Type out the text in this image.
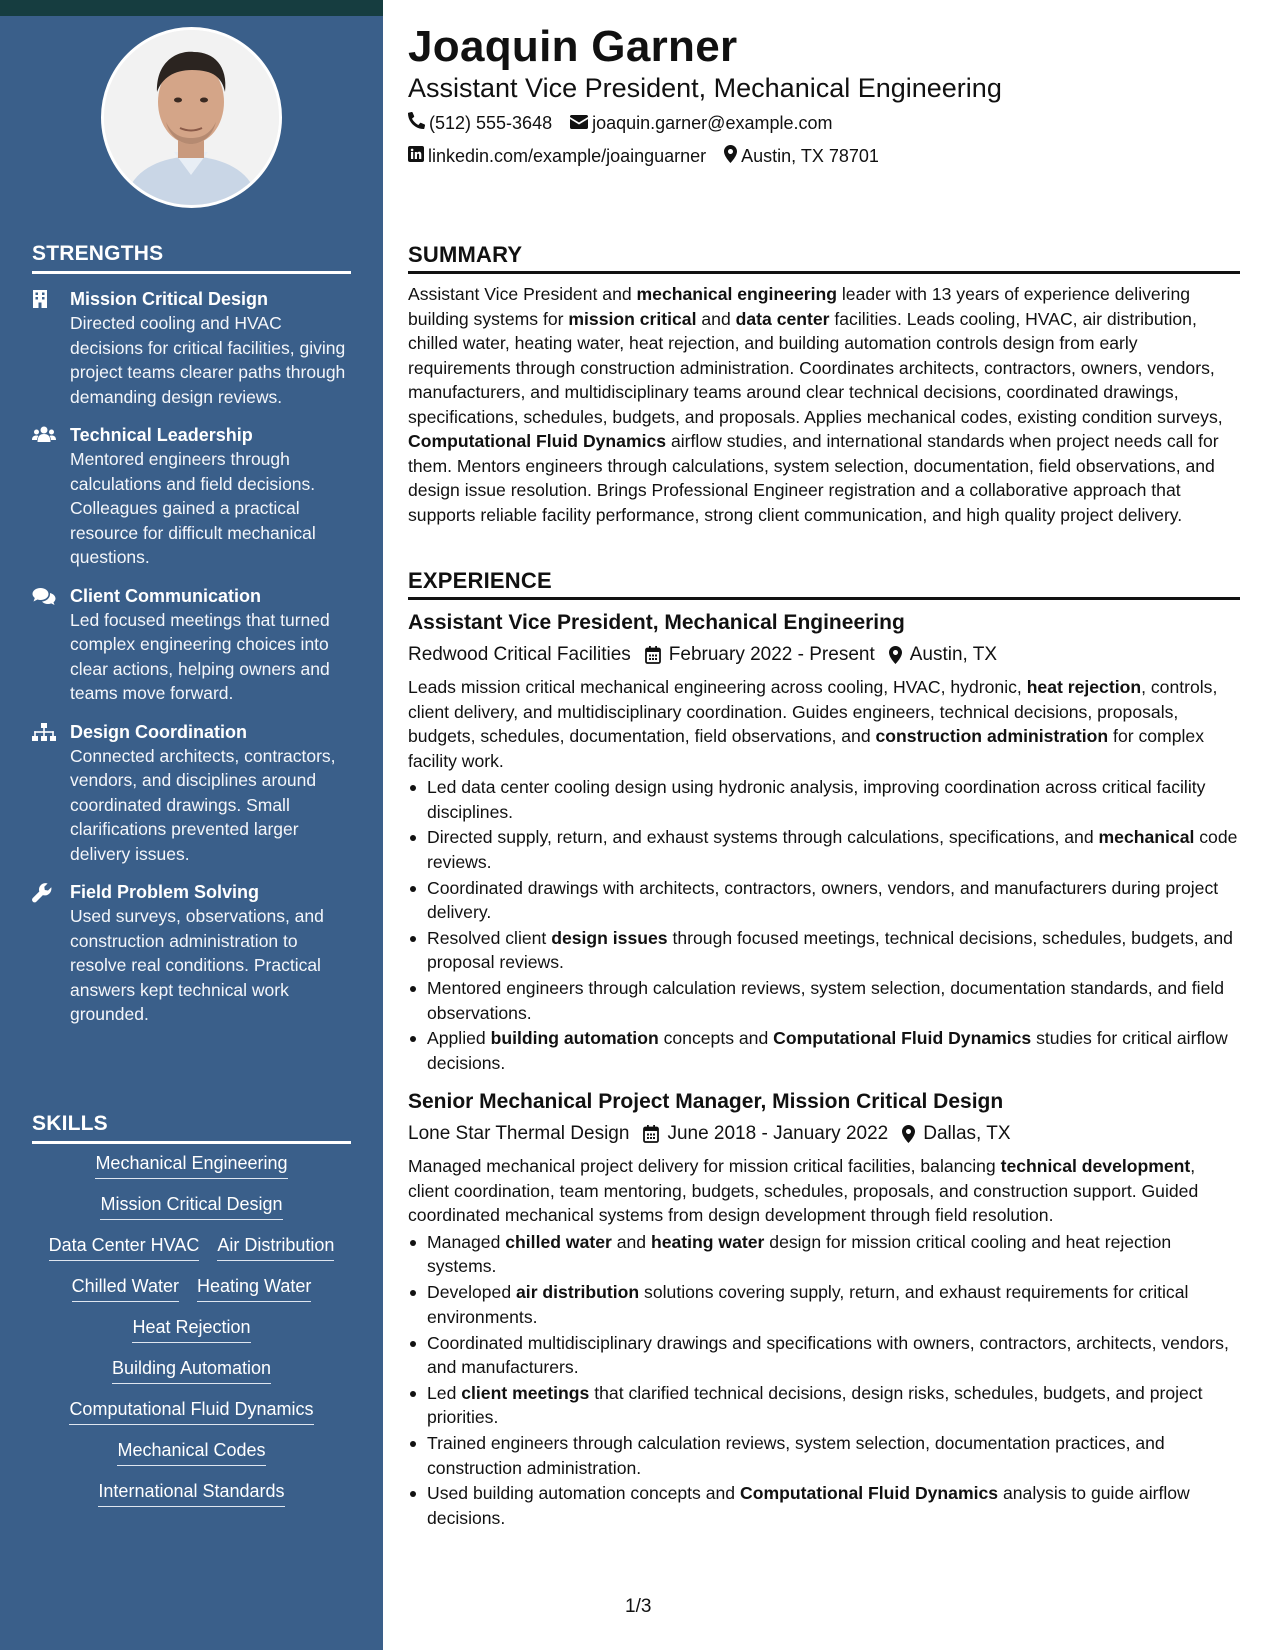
STRENGTHS
Mission Critical Design
Directed cooling and HVAC decisions for critical facilities, giving project teams clearer paths through demanding design reviews.
Technical Leadership
Mentored engineers through calculations and field decisions. Colleagues gained a practical resource for difficult mechanical questions.
Client Communication
Led focused meetings that turned complex engineering choices into clear actions, helping owners and teams move forward.
Design Coordination
Connected architects, contractors, vendors, and disciplines around coordinated drawings. Small clarifications prevented larger delivery issues.
Field Problem Solving
Used surveys, observations, and construction administration to resolve real conditions. Practical answers kept technical work grounded.
SKILLS
Mechanical Engineering
Mission Critical Design
Data Center HVAC Air Distribution
Chilled Water Heating Water
Heat Rejection
Building Automation
Computational Fluid Dynamics
Mechanical Codes
International Standards
Joaquin Garner
Assistant Vice President, Mechanical Engineering
(512) 555-3648 joaquin.garner@example.com
linkedin.com/example/joainguarner Austin, TX 78701
SUMMARY

Assistant Vice President and mechanical engineering leader with 13 years of experience delivering building systems for mission critical and data center facilities. Leads cooling, HVAC, air distribution, chilled water, heating water, heat rejection, and building automation controls design from early requirements through construction administration. Coordinates architects, contractors, owners, vendors, manufacturers, and multidisciplinary teams around clear technical decisions, coordinated drawings, specifications, schedules, budgets, and proposals. Applies mechanical codes, existing condition surveys, Computational Fluid Dynamics airflow studies, and international standards when project needs call for them. Mentors engineers through calculations, system selection, documentation, field observations, and design issue resolution. Brings Professional Engineer registration and a collaborative approach that supports reliable facility performance, strong client communication, and high quality project delivery.

EXPERIENCE
Assistant Vice President, Mechanical Engineering
Redwood Critical Facilities February 2022 - Present Austin, TX

Leads mission critical mechanical engineering across cooling, HVAC, hydronic, heat rejection, controls, client delivery, and multidisciplinary coordination. Guides engineers, technical decisions, proposals, budgets, schedules, documentation, field observations, and construction administration for complex facility work.

Led data center cooling design using hydronic analysis, improving coordination across critical facility disciplines.
Directed supply, return, and exhaust systems through calculations, specifications, and mechanical code reviews.
Coordinated drawings with architects, contractors, owners, vendors, and manufacturers during project delivery.
Resolved client design issues through focused meetings, technical decisions, schedules, budgets, and proposal reviews.
Mentored engineers through calculation reviews, system selection, documentation standards, and field observations.
Applied building automation concepts and Computational Fluid Dynamics studies for critical airflow decisions.
Senior Mechanical Project Manager, Mission Critical Design
Lone Star Thermal Design June 2018 - January 2022 Dallas, TX

Managed mechanical project delivery for mission critical facilities, balancing technical development, client coordination, team mentoring, budgets, schedules, proposals, and construction support. Guided coordinated mechanical systems from design development through field resolution.

Managed chilled water and heating water design for mission critical cooling and heat rejection systems.
Developed air distribution solutions covering supply, return, and exhaust requirements for critical environments.
Coordinated multidisciplinary drawings and specifications with owners, contractors, architects, vendors, and manufacturers.
Led client meetings that clarified technical decisions, design risks, schedules, budgets, and project priorities.
Trained engineers through calculation reviews, system selection, documentation practices, and construction administration.
Used building automation concepts and Computational Fluid Dynamics analysis to guide airflow decisions.
1/3
